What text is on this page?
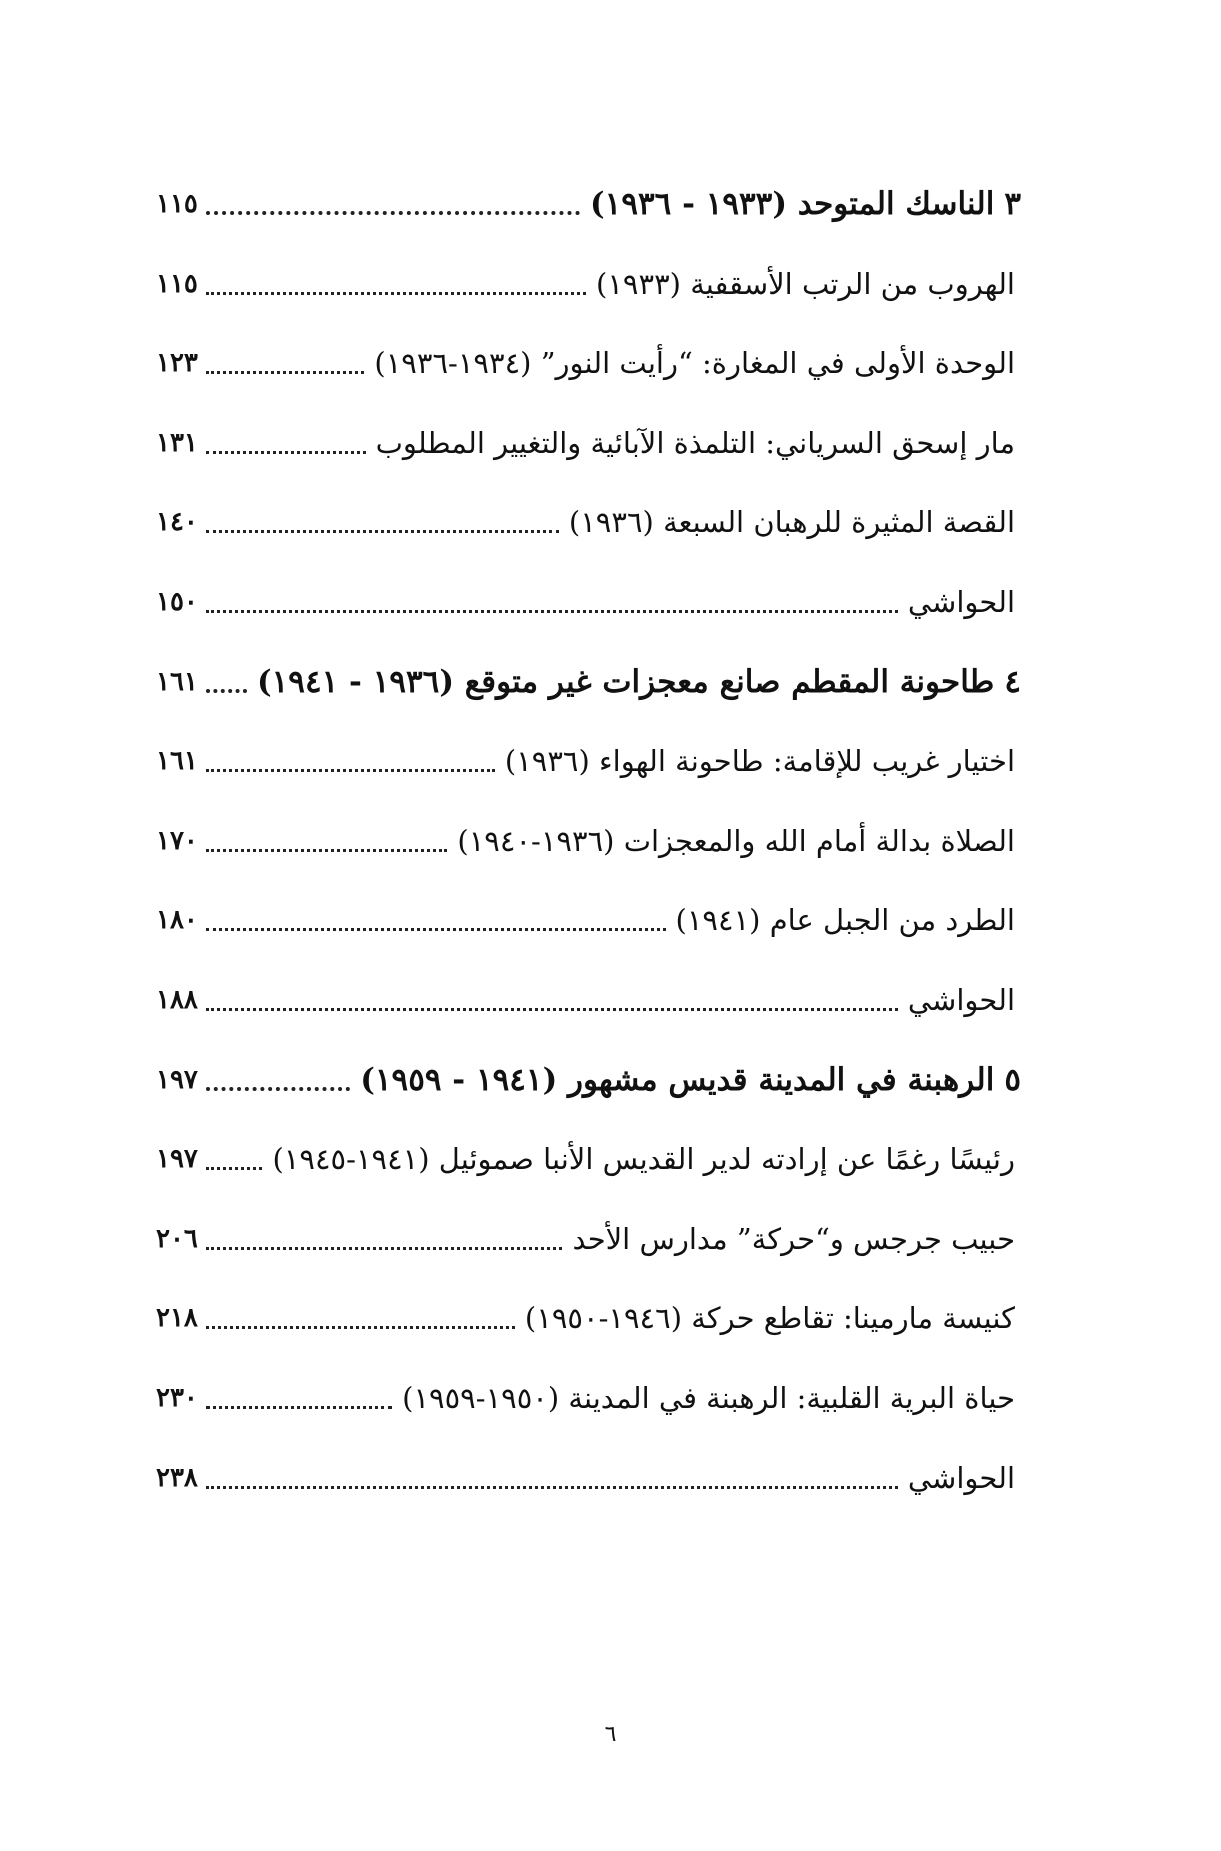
٣
الناسك المتوحد (١٩٣٣ - ١٩٣٦)
١١٥
الهروب من الرتب الأسقفية (١٩٣٣)
١١٥
الوحدة الأولى في المغارة: “رأيت النور” (١٩٣٤-١٩٣٦)
١٢٣
مار إسحق السرياني: التلمذة الآبائية والتغيير المطلوب
١٣١
القصة المثيرة للرهبان السبعة (١٩٣٦)
١٤٠
الحواشي
١٥٠
٤
طاحونة المقطم صانع معجزات غير متوقع (١٩٣٦ - ١٩٤١)
١٦١
اختيار غريب للإقامة: طاحونة الهواء (١٩٣٦)
١٦١
الصلاة بدالة أمام الله والمعجزات (١٩٣٦-١٩٤٠)
١٧٠
الطرد من الجبل عام (١٩٤١)
١٨٠
الحواشي
١٨٨
٥
الرهبنة في المدينة قديس مشهور (١٩٤١ - ١٩٥٩)
١٩٧
رئيسًا رغمًا عن إرادته لدير القديس الأنبا صموئيل (١٩٤١-١٩٤٥)
١٩٧
حبيب جرجس و“حركة” مدارس الأحد
٢٠٦
كنيسة مارمينا: تقاطع حركة (١٩٤٦-١٩٥٠)
٢١٨
حياة البرية القلبية: الرهبنة في المدينة (١٩٥٠-١٩٥٩)
٢٣٠
الحواشي
٢٣٨
٦
